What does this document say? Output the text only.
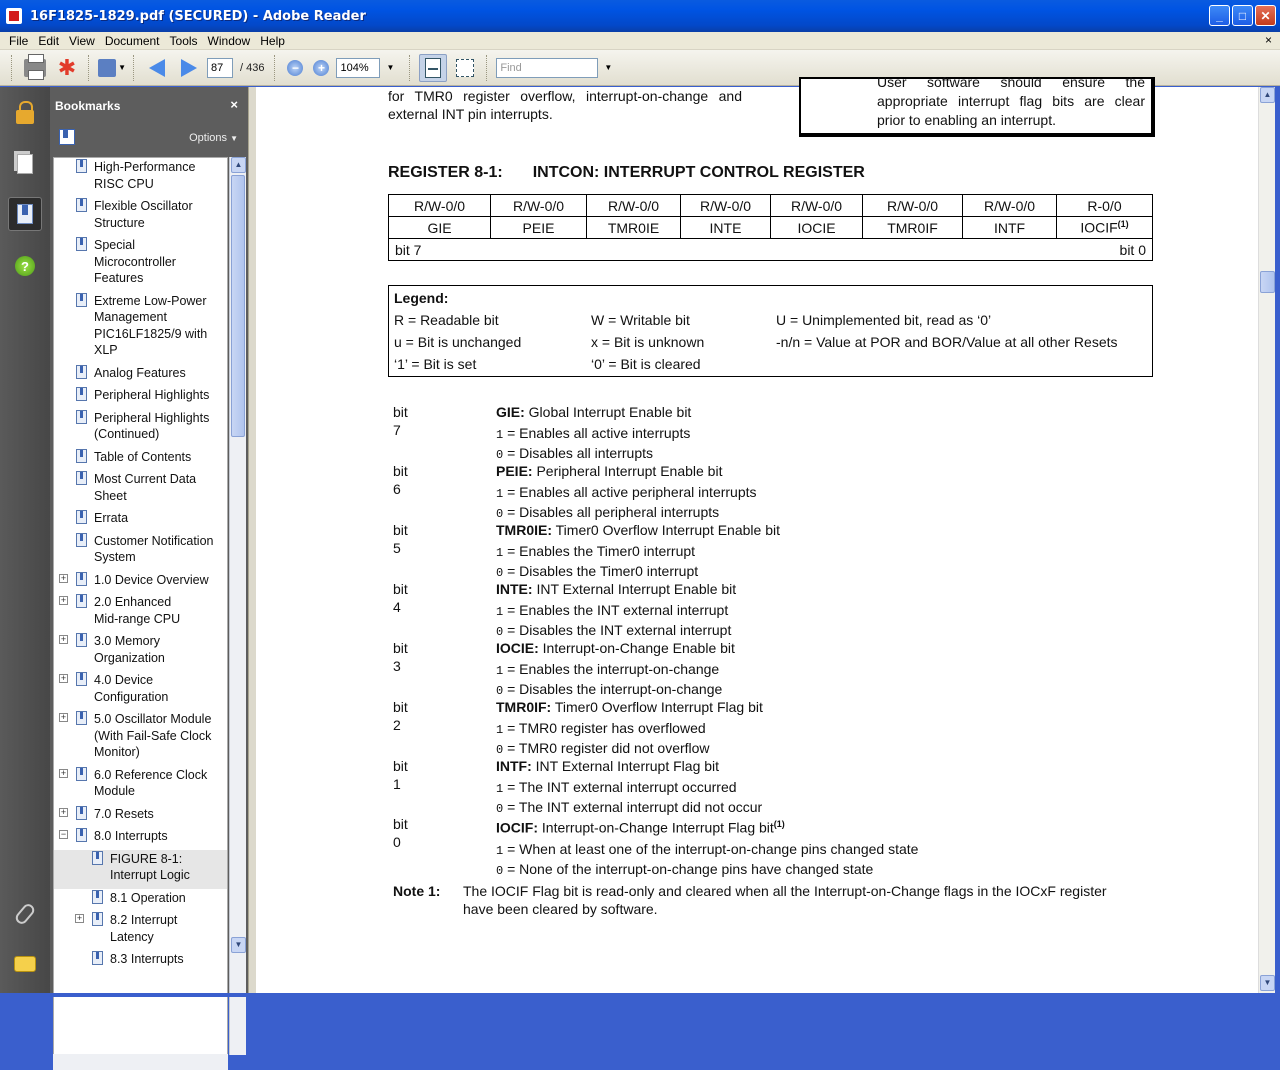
16F1825-1829.pdf (SECURED) - Adobe Reader	_	□	✕
File Edit View Document Tools Window Help	×
✱	▼	87	/ 436	−	+	104%	▼	Find	▼
?
Bookmarks	×
Options ▼
High-Performance
RISC CPU
Flexible Oscillator
Structure
Special
Microcontroller
Features
Extreme Low-Power
Management
PIC16LF1825/9 with
XLP
Analog Features
Peripheral Highlights
Peripheral Highlights
(Continued)
Table of Contents
Most Current Data
Sheet
Errata
Customer Notification
System
+ 1.0 Device Overview
+ 2.0 Enhanced
Mid-range CPU
+ 3.0 Memory
Organization
+ 4.0 Device
Configuration
+ 5.0 Oscillator Module
(With Fail-Safe Clock
Monitor)
+ 6.0 Reference Clock
Module
+ 7.0 Resets
− 8.0 Interrupts
FIGURE 8-1:
Interrupt Logic
8.1 Operation
+ 8.2 Interrupt
Latency
8.3 Interrupts
▲
▼
for TMR0 register overflow, interrupt-on-change and
external INT pin interrupts.
User software should ensure the
appropriate interrupt flag bits are clear
prior to enabling an interrupt.
REGISTER 8-1: INTCON: INTERRUPT CONTROL REGISTER
R/W-0/0	R/W-0/0	R/W-0/0	R/W-0/0	R/W-0/0	R/W-0/0	R/W-0/0	R-0/0
GIE	PEIE	TMR0IE	INTE	IOCIE	TMR0IF	INTF	IOCIF$^{(1)}$

bit 7 bit 0							
Legend:
R = Readable bit	W = Writable bit	U = Unimplemented bit, read as ‘0’
u = Bit is unchanged	x = Bit is unknown	-n/n = Value at POR and BOR/Value at all other Resets
‘1’ = Bit is set	‘0’ = Bit is cleared
bit 7
GIE: Global Interrupt Enable bit
1 = Enables all active interrupts
0 = Disables all interrupts
bit 6
PEIE: Peripheral Interrupt Enable bit
1 = Enables all active peripheral interrupts
0 = Disables all peripheral interrupts
bit 5
TMR0IE: Timer0 Overflow Interrupt Enable bit
1 = Enables the Timer0 interrupt
0 = Disables the Timer0 interrupt
bit 4
INTE: INT External Interrupt Enable bit
1 = Enables the INT external interrupt
0 = Disables the INT external interrupt
bit 3
IOCIE: Interrupt-on-Change Enable bit
1 = Enables the interrupt-on-change
0 = Disables the interrupt-on-change
bit 2
TMR0IF: Timer0 Overflow Interrupt Flag bit
1 = TMR0 register has overflowed
0 = TMR0 register did not overflow
bit 1
INTF: INT External Interrupt Flag bit
1 = The INT external interrupt occurred
0 = The INT external interrupt did not occur
bit 0
IOCIF: Interrupt-on-Change Interrupt Flag bit$^{(1)}$
1 = When at least one of the interrupt-on-change pins changed state
0 = None of the interrupt-on-change pins have changed state
Note 1: The IOCIF Flag bit is read-only and cleared when all the Interrupt-on-Change flags in the IOCxF register
have been cleared by software.
▲
▼
